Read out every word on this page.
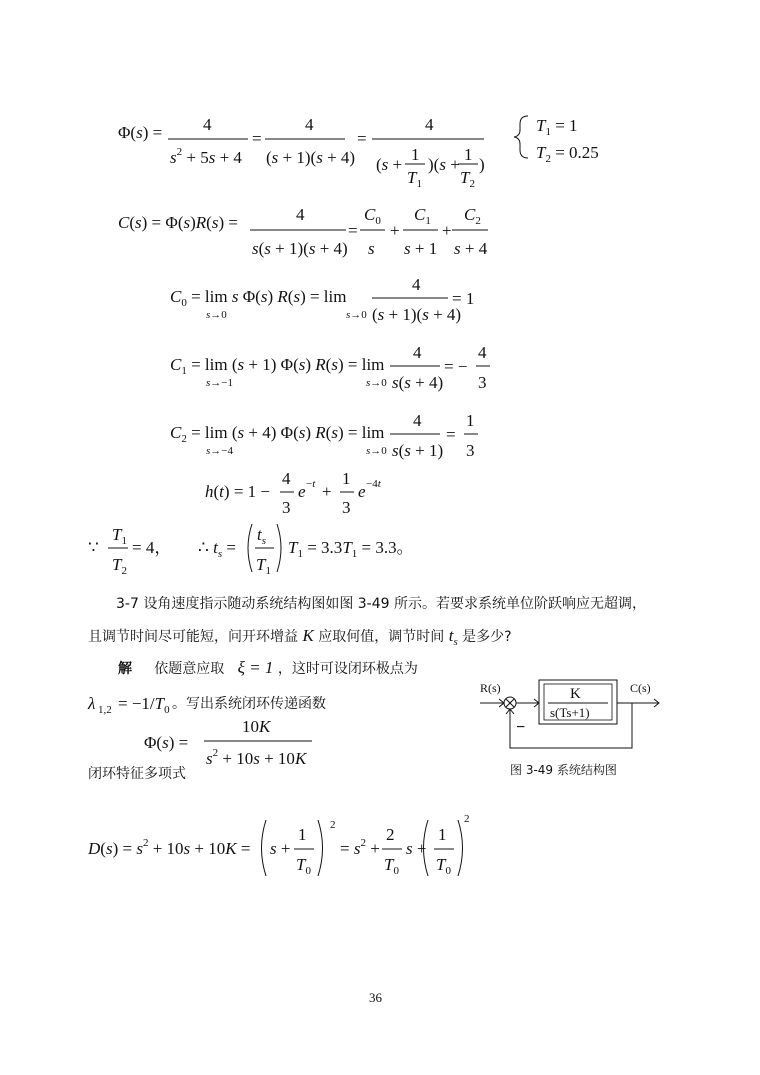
Φ(s) = 4
$s^2 + 5s + 4$
=
4
(s + 1)(s + 4)
=
4
(s +
1
$T_1$
)(s +
1
$T_2$
)
$T_1 = 1$
$T_2 = 0.25$
C(s) = Φ(s)R(s) =	4
s(s + 1)(s + 4)
=
$C_0$
s
+
$C_1$
s + 1
+
$C_2$
s + 4
$C_0 = \lim s$ Φ(s) R(s) = lim
s→0	s→0
4
(s + 1)(s + 4)
= 1
$C_1 = \lim (s + 1)$ Φ(s) R(s) = lim
s→−1	s→0
4
s(s + 4)
= −
4
3
$C_2 = \lim (s + 4)$ Φ(s) R(s) = lim
s→−4	s→0
4
s(s + 1)
=
1
3
h(t) = 1 −
4
3
e −t +
1
3
e −4t
∵
$T_1$
$T_2$
= 4， ∴ $t_s$ =
$t_s$
$T_1$
$T_1 = 3.3T_1 = 3.3$。
λ $1,2 = -1/T_0$
Φ(s) =
10K
$s^2 + 10s + 10K$
$D(s) = s^2 + 10s + 10K = s$ +
1
$T_0$
2
= $s^2$ +
2
$T_0$
s +
1
$T_0$
2
3-7 设角速度指示随动系统结构图如图 3-49 所示。若要求系统单位阶跃响应无超调，
且调节时间尽可能短，问开环增益 K 应取何值，调节时间 $t_s$ 是多少?
解 依题意应取 ξ = 1 ，这时可设闭环极点为
。写出系统闭环传递函数
闭环特征多项式
R(s)	K
s(Ts+1)
C(s)
−
图 3-49 系统结构图
36
